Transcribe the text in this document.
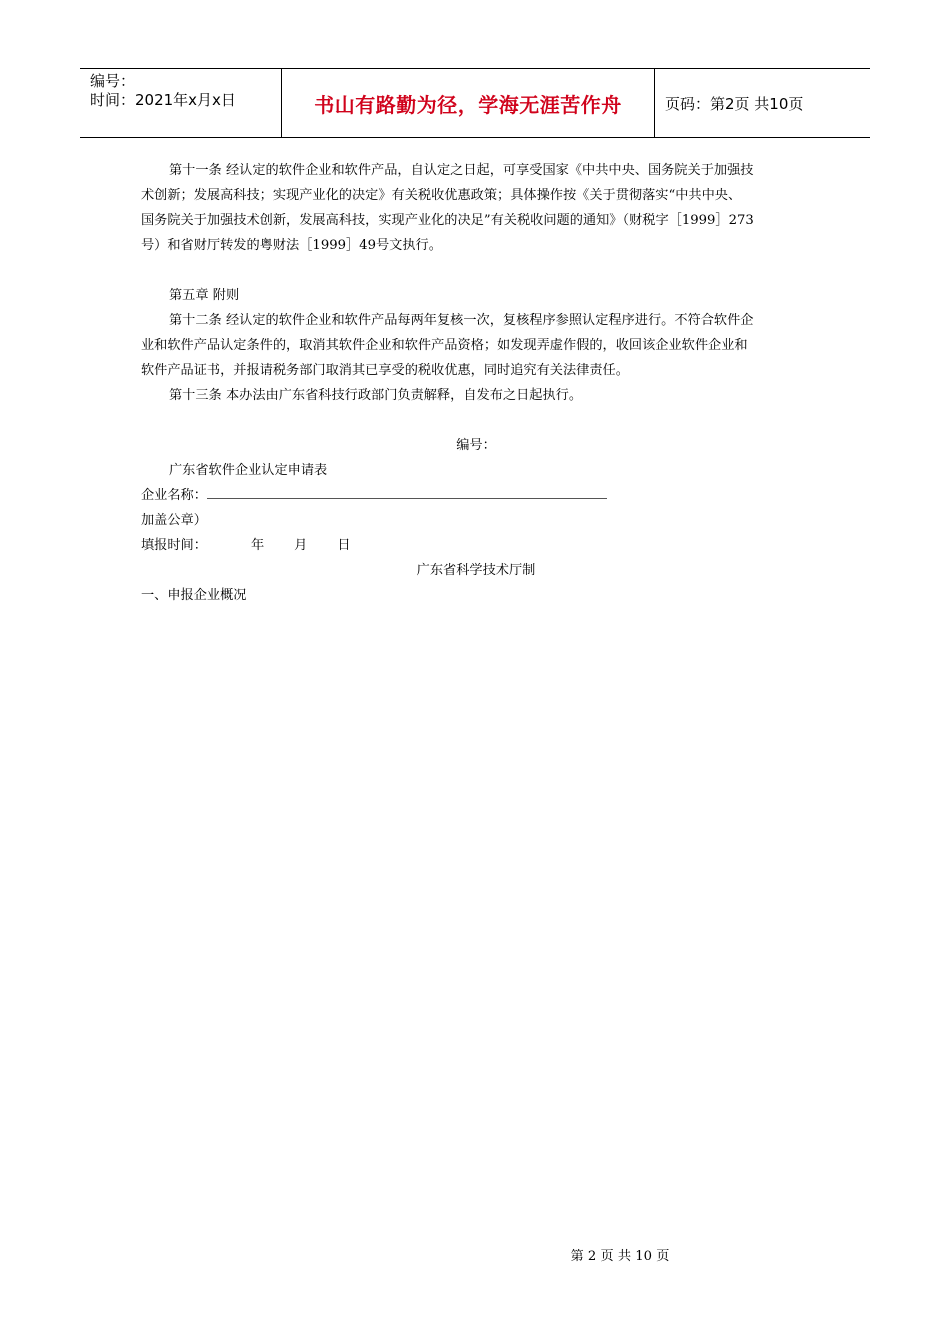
编号：
时间：2021年x月x日	书山有路勤为径，学海无涯苦作舟	页码：第2页 共10页

第十一条 经认定的软件企业和软件产品，自认定之日起，可享受国家《中共中央、国务院关于加强技

术创新；发展高科技；实现产业化的决定》有关税收优惠政策；具体操作按《关于贯彻落实“中共中央、

国务院关于加强技术创新，发展高科技，实现产业化的决足”有关税收问题的通知》（财税字［1999］273

号）和省财厅转发的粤财法［1999］49号文执行。

第五章 附则

第十二条 经认定的软件企业和软件产品每两年复核一次，复核程序参照认定程序进行。不符合软件企

业和软件产品认定条件的，取消其软件企业和软件产品资格；如发现弄虚作假的，收回该企业软件企业和

软件产品证书，并报请税务部门取消其已享受的税收优惠，同时追究有关法律责任。

第十三条 本办法由广东省科技行政部门负责解释，自发布之日起执行。

编号：

广东省软件企业认定申请表

企业名称：

加盖公章）

填报时间：	年 月 日

广东省科学技术厅制

一、申报企业概况

第 2 页 共 10 页
